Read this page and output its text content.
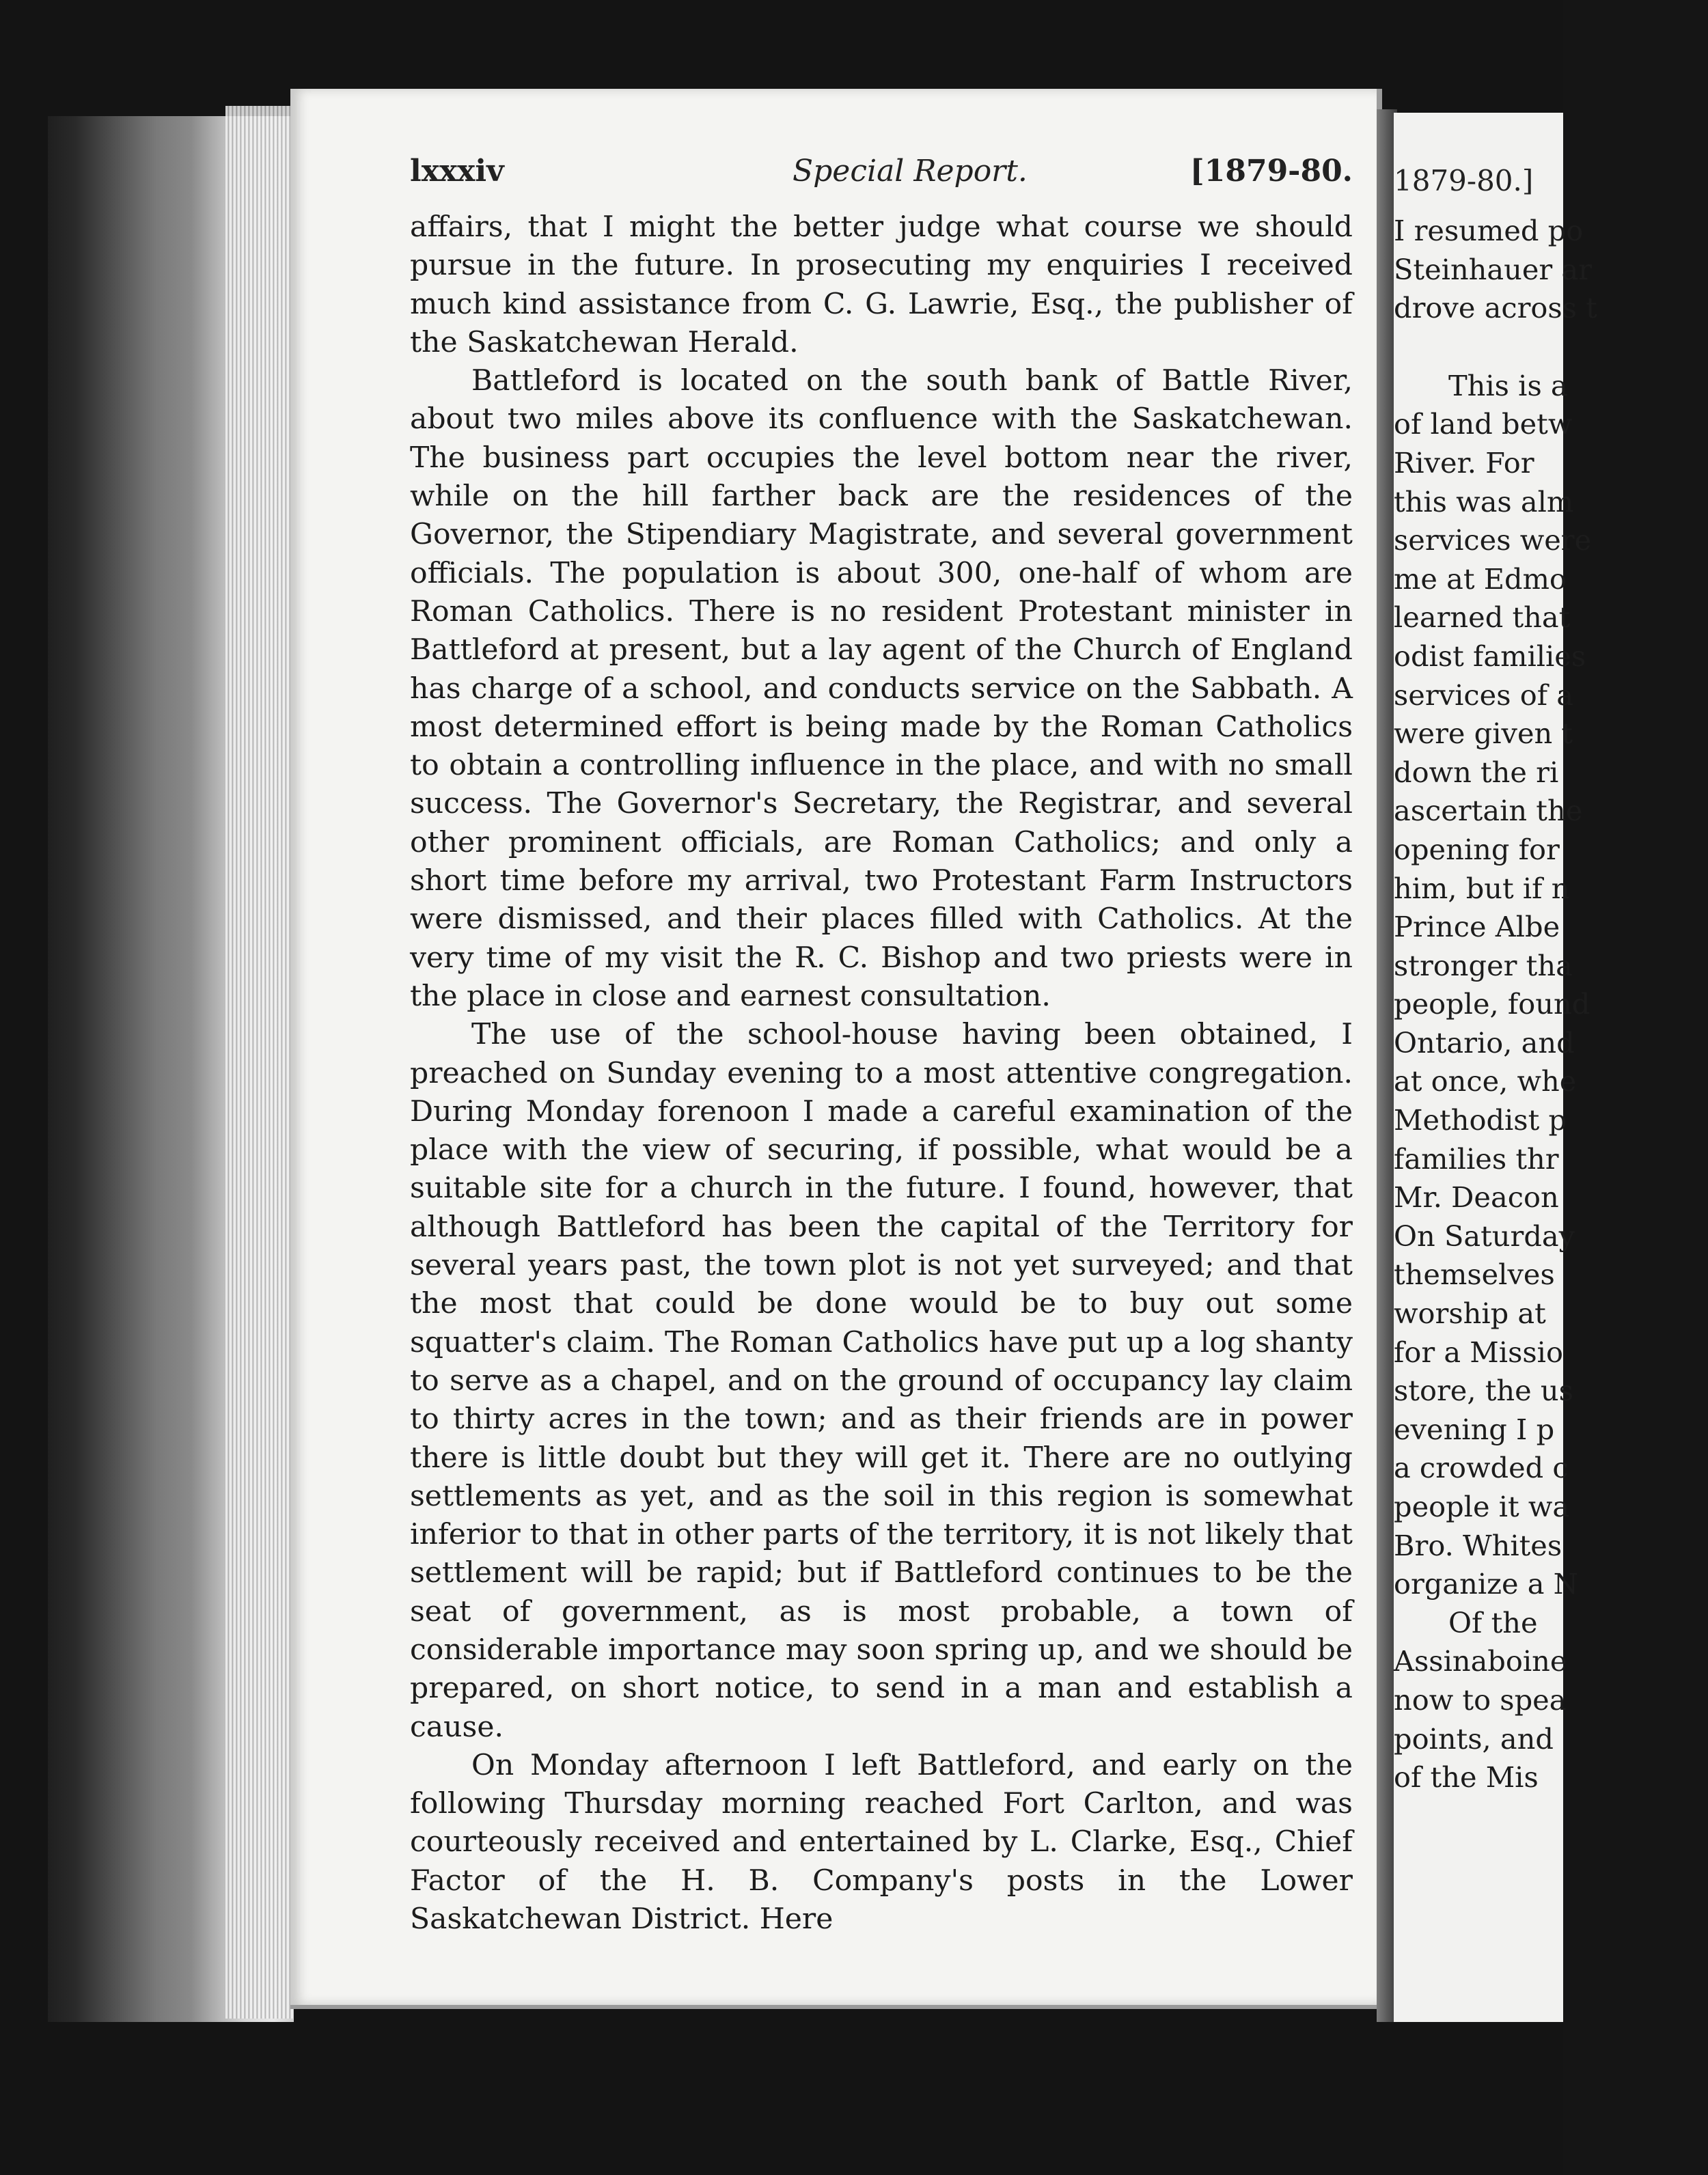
lxxxiv	Special Report.	[1879-80.

affairs, that I might the better judge what course we should pursue in the future. In prosecuting my enquiries I received much kind assistance from C. G. Lawrie, Esq., the publisher of the Saskatchewan Herald.

Battleford is located on the south bank of Battle River, about two miles above its confluence with the Saskatchewan. The business part occupies the level bottom near the river, while on the hill farther back are the residences of the Governor, the Stipendiary Magistrate, and several government officials. The population is about 300, one-half of whom are Roman Catholics. There is no resident Protestant minister in Battleford at present, but a lay agent of the Church of England has charge of a school, and conducts service on the Sabbath. A most determined effort is being made by the Roman Catholics to obtain a controlling influence in the place, and with no small success. The Governor's Secretary, the Registrar, and several other prominent officials, are Roman Catholics; and only a short time before my arrival, two Protestant Farm Instructors were dismissed, and their places filled with Catholics. At the very time of my visit the R. C. Bishop and two priests were in the place in close and earnest consultation.

The use of the school-house having been obtained, I preached on Sunday evening to a most attentive congregation. During Monday forenoon I made a careful examination of the place with the view of securing, if possible, what would be a suitable site for a church in the future. I found, however, that although Battleford has been the capital of the Territory for several years past, the town plot is not yet surveyed; and that the most that could be done would be to buy out some squatter's claim. The Roman Catholics have put up a log shanty to serve as a chapel, and on the ground of occupancy lay claim to thirty acres in the town; and as their friends are in power there is little doubt but they will get it. There are no outlying settlements as yet, and as the soil in this region is somewhat inferior to that in other parts of the territory, it is not likely that settlement will be rapid; but if Battleford continues to be the seat of government, as is most probable, a town of considerable importance may soon spring up, and we should be prepared, on short notice, to send in a man and establish a cause.

On Monday afternoon I left Battleford, and early on the following Thursday morning reached Fort Carlton, and was courteously received and entertained by L. Clarke, Esq., Chief Factor of the H. B. Company's posts in the Lower Saskatchewan District. Here

1879-80.]
I resumed po
Steinhauer ar
drove across t
This is a
of land betw
River. For
this was alm
services were
me at Edmo
learned that
odist families
services of a
were given t
down the ri
ascertain the
opening for
him, but if n
Prince Albe
stronger tha
people, found
Ontario, and
at once, whe
Methodist p
families thr
Mr. Deacon
On Saturday
themselves
worship at
for a Missio
store, the us
evening I p
a crowded c
people it wa
Bro. Whites
organize a N
Of the
Assinaboine
now to spea
points, and
of the Mis
